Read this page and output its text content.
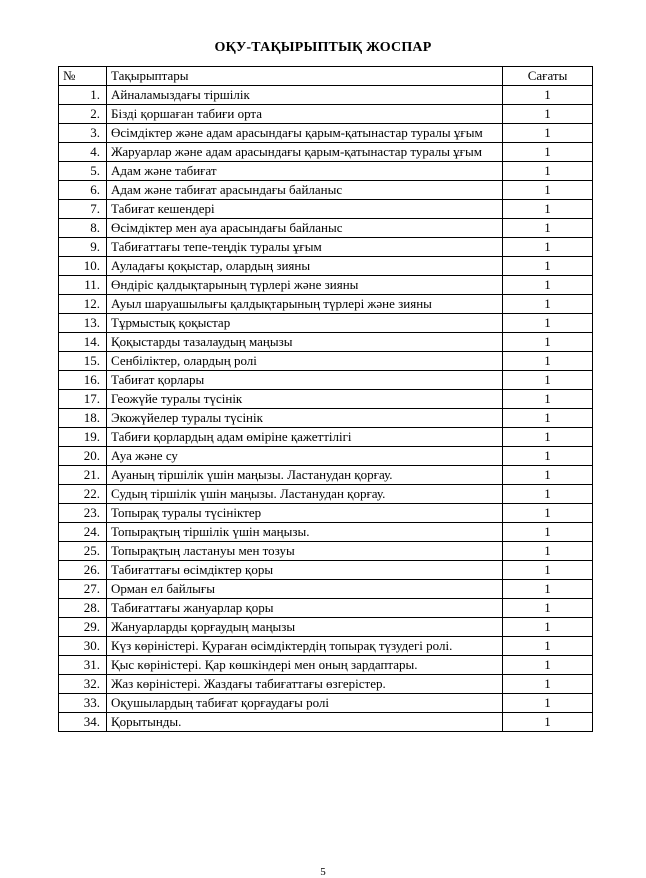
ОҚУ-ТАҚЫРЫПТЫҚ ЖОСПАР
№	Тақырыптары	Сағаты
1.	Айналамыздағы тіршілік	1
2.	Бізді қоршаған табиғи орта	1
3.	Өсімдіктер және адам арасындағы қарым-қатынастар туралы ұғым	1
4.	Жаруарлар және адам арасындағы қарым-қатынастар туралы ұғым	1
5.	Адам және табиғат	1
6.	Адам және табиғат арасындағы байланыс	1
7.	Табиғат кешендері	1
8.	Өсімдіктер мен ауа арасындағы байланыс	1
9.	Табиғаттағы тепе-теңдік туралы ұғым	1
10.	Ауладағы қоқыстар, олардың зияны	1
11.	Өндіріс қалдықтарының түрлері және зияны	1
12.	Ауыл шаруашылығы қалдықтарының түрлері және зияны	1
13.	Тұрмыстық қоқыстар	1
14.	Қоқыстарды тазалаудың маңызы	1
15.	Сенбіліктер, олардың ролі	1
16.	Табиғат қорлары	1
17.	Геожүйе туралы түсінік	1
18.	Экожүйелер туралы түсінік	1
19.	Табиғи қорлардың адам өміріне қажеттілігі	1
20.	Ауа және су	1
21.	Ауаның тіршілік үшін маңызы. Ластанудан қорғау.	1
22.	Судың тіршілік үшін маңызы. Ластанудан қорғау.	1
23.	Топырақ туралы түсініктер	1
24.	Топырақтың тіршілік үшін маңызы.	1
25.	Топырақтың ластануы мен тозуы	1
26.	Табиғаттағы өсімдіктер қоры	1
27.	Орман ел байлығы	1
28.	Табиғаттағы жануарлар қоры	1
29.	Жануарларды қорғаудың маңызы	1
30.	Күз көріністері. Қураған өсімдіктердің топырақ түзудегі ролі.	1
31.	Қыс көріністері. Қар көшкіндері мен оның зардаптары.	1
32.	Жаз көріністері. Жаздағы табиғаттағы өзгерістер.	1
33.	Оқушылардың табиғат қорғаудағы ролі	1
34.	Қорытынды.	1
5
